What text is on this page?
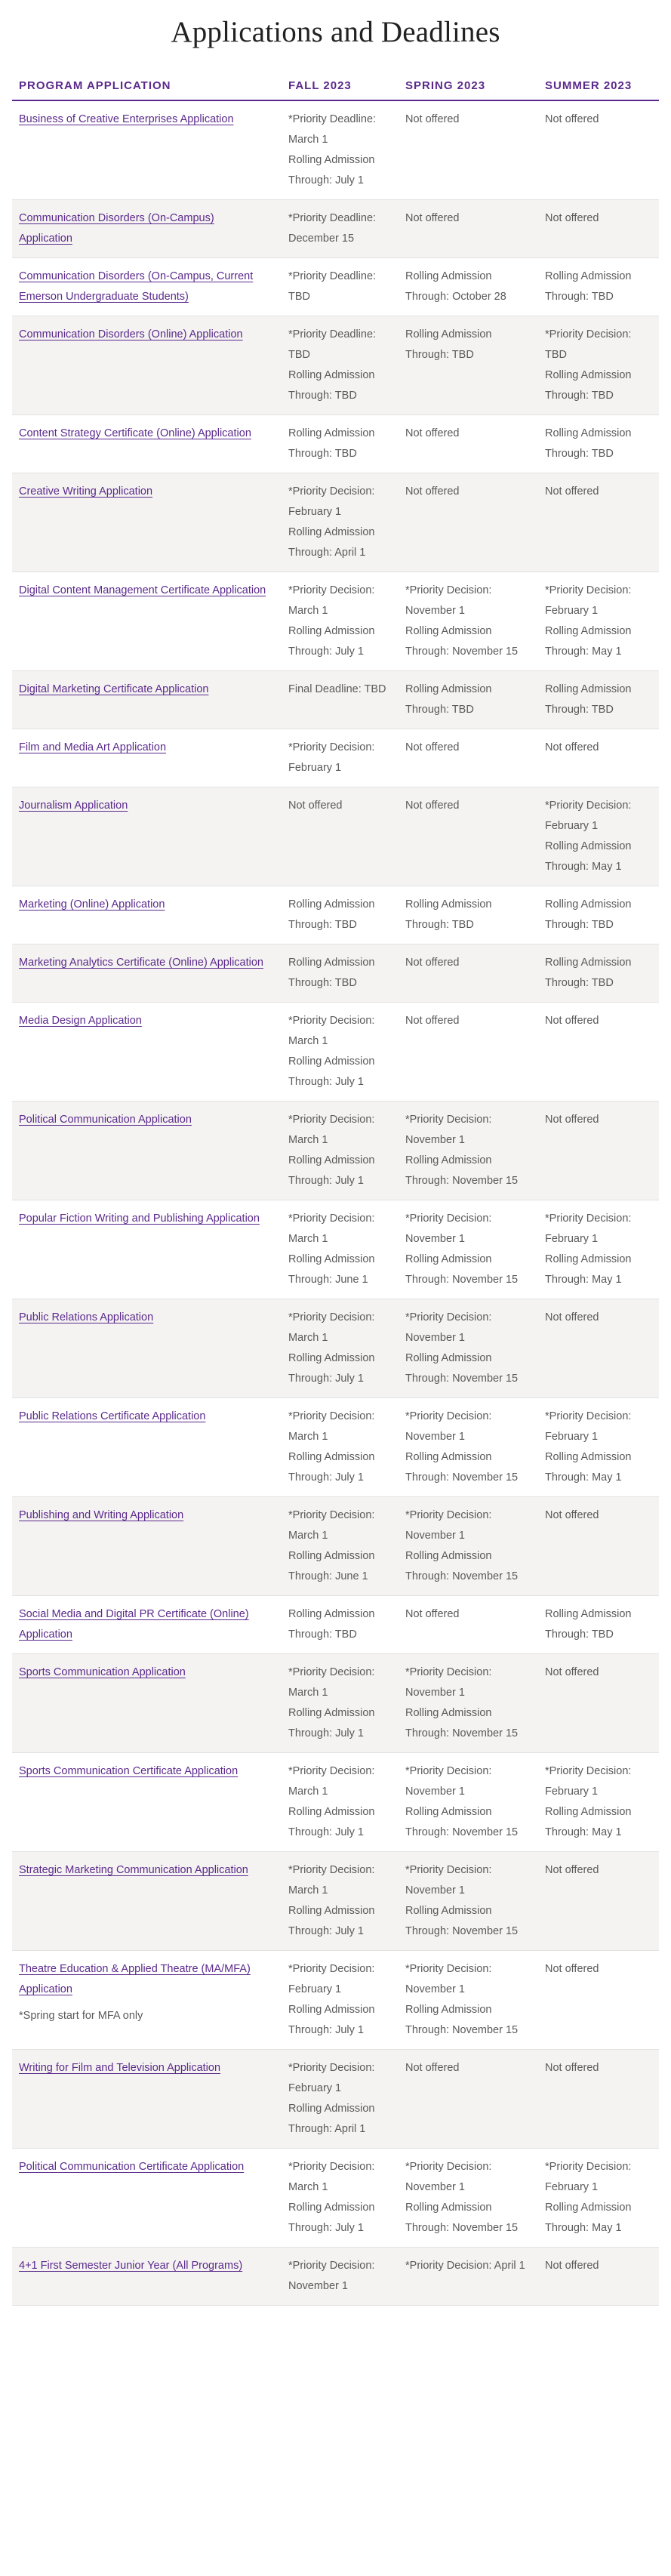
Applications and Deadlines
PROGRAM APPLICATION	FALL 2023	SPRING 2023	SUMMER 2023

Business of Creative Enterprises Application	*Priority Deadline: March 1
Rolling Admission Through: July 1	Not offered	Not offered

Communication Disorders (On-Campus) Application	*Priority Deadline: December 15	Not offered	Not offered

Communication Disorders (On-Campus, Current Emerson Undergraduate Students)	*Priority Deadline: TBD	Rolling Admission Through: October 28	Rolling Admission Through: TBD

Communication Disorders (Online) Application	*Priority Deadline: TBD
Rolling Admission Through: TBD	Rolling Admission Through: TBD	*Priority Decision: TBD
Rolling Admission Through: TBD

Content Strategy Certificate (Online) Application	Rolling Admission Through: TBD	Not offered	Rolling Admission Through: TBD

Creative Writing Application	*Priority Decision: February 1
Rolling Admission Through: April 1	Not offered	Not offered

Digital Content Management Certificate Application	*Priority Decision: March 1
Rolling Admission Through: July 1	*Priority Decision: November 1
Rolling Admission Through: November 15	*Priority Decision: February 1
Rolling Admission Through: May 1

Digital Marketing Certificate Application	Final Deadline: TBD	Rolling Admission Through: TBD	Rolling Admission Through: TBD

Film and Media Art Application	*Priority Decision: February 1	Not offered	Not offered

Journalism Application	Not offered	Not offered	*Priority Decision: February 1
Rolling Admission Through: May 1

Marketing (Online) Application	Rolling Admission Through: TBD	Rolling Admission Through: TBD	Rolling Admission Through: TBD

Marketing Analytics Certificate (Online) Application	Rolling Admission Through: TBD	Not offered	Rolling Admission Through: TBD

Media Design Application	*Priority Decision: March 1
Rolling Admission Through: July 1	Not offered	Not offered

Political Communication Application	*Priority Decision: March 1
Rolling Admission Through: July 1	*Priority Decision: November 1
Rolling Admission Through: November 15	Not offered

Popular Fiction Writing and Publishing Application	*Priority Decision: March 1
Rolling Admission Through: June 1	*Priority Decision: November 1
Rolling Admission Through: November 15	*Priority Decision: February 1
Rolling Admission Through: May 1

Public Relations Application	*Priority Decision: March 1
Rolling Admission Through: July 1	*Priority Decision: November 1
Rolling Admission Through: November 15	Not offered

Public Relations Certificate Application	*Priority Decision: March 1
Rolling Admission Through: July 1	*Priority Decision: November 1
Rolling Admission Through: November 15	*Priority Decision: February 1
Rolling Admission Through: May 1

Publishing and Writing Application	*Priority Decision: March 1
Rolling Admission Through: June 1	*Priority Decision: November 1
Rolling Admission Through: November 15	Not offered

Social Media and Digital PR Certificate (Online) Application	Rolling Admission Through: TBD	Not offered	Rolling Admission Through: TBD

Sports Communication Application	*Priority Decision: March 1
Rolling Admission Through: July 1	*Priority Decision: November 1
Rolling Admission Through: November 15	Not offered

Sports Communication Certificate Application	*Priority Decision: March 1
Rolling Admission Through: July 1	*Priority Decision: November 1
Rolling Admission Through: November 15	*Priority Decision: February 1
Rolling Admission Through: May 1

Strategic Marketing Communication Application	*Priority Decision: March 1
Rolling Admission Through: July 1	*Priority Decision: November 1
Rolling Admission Through: November 15	Not offered

Theatre Education & Applied Theatre (MA/MFA) Application
*Spring start for MFA only	*Priority Decision: February 1
Rolling Admission Through: July 1	*Priority Decision: November 1
Rolling Admission Through: November 15	Not offered

Writing for Film and Television Application	*Priority Decision: February 1
Rolling Admission Through: April 1	Not offered	Not offered

Political Communication Certificate Application	*Priority Decision: March 1
Rolling Admission Through: July 1	*Priority Decision: November 1
Rolling Admission Through: November 15	*Priority Decision: February 1
Rolling Admission Through: May 1

4+1 First Semester Junior Year (All Programs)	*Priority Decision: November 1	*Priority Decision: April 1	Not offered
